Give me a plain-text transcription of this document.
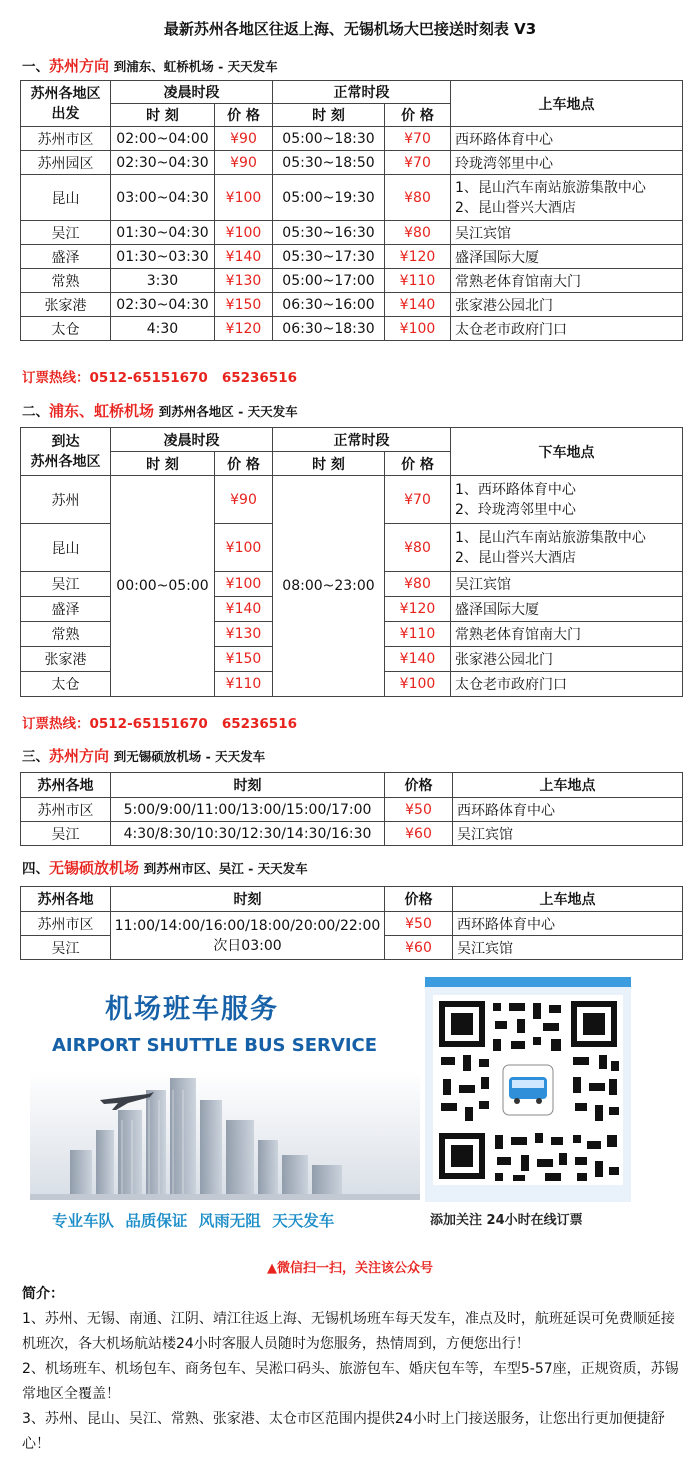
最新苏州各地区往返上海、无锡机场大巴接送时刻表 V3
一、苏州方向 到浦东、虹桥机场 - 天天发车
苏州各地区
出发	凌晨时段		正常时段		上车地点
	时 刻	价 格	时 刻	价 格	
苏州市区	02:00~04:00	¥90	05:00~18:30	¥70	西环路体育中心
苏州园区	02:30~04:30	¥90	05:30~18:50	¥70	玲珑湾邻里中心
昆山	03:00~04:30	¥100	05:00~19:30	¥80	1、昆山汽车南站旅游集散中心
2、昆山誉兴大酒店

吴江	01:30~04:30	¥100	05:30~16:30	¥80	吴江宾馆
盛泽	01:30~03:30	¥140	05:30~17:30	¥120	盛泽国际大厦
常熟	3:30	¥130	05:00~17:00	¥110	常熟老体育馆南大门
张家港	02:30~04:30	¥150	06:30~16:00	¥140	张家港公园北门
太仓	4:30	¥120	06:30~18:30	¥100	太仓老市政府门口
订票热线：0512-65151670 65236516
二、浦东、虹桥机场 到苏州各地区 - 天天发车
到达
苏州各地区	凌晨时段		正常时段		下车地点
	时 刻	价 格	时 刻	价 格	
苏州	00:00~05:00	¥90	08:00~23:00	¥70	1、西环路体育中心
2、玲珑湾邻里中心

昆山		¥100		¥80	1、昆山汽车南站旅游集散中心
2、昆山誉兴大酒店

吴江		¥100		¥80	吴江宾馆
盛泽		¥140		¥120	盛泽国际大厦
常熟		¥130		¥110	常熟老体育馆南大门
张家港		¥150		¥140	张家港公园北门
太仓		¥110		¥100	太仓老市政府门口
订票热线：0512-65151670 65236516
三、苏州方向 到无锡硕放机场 - 天天发车
苏州各地	时刻	价格	上车地点
苏州市区	5:00/9:00/11:00/13:00/15:00/17:00	¥50	西环路体育中心
吴江	4:30/8:30/10:30/12:30/14:30/16:30	¥60	吴江宾馆
四、无锡硕放机场 到苏州市区、吴江 - 天天发车
苏州各地	时刻	价格	上车地点
苏州市区	11:00/14:00/16:00/18:00/20:00/22:00
次日03:00	¥50	西环路体育中心
吴江		¥60	吴江宾馆
机场班车服务
AIRPORT SHUTTLE BUS SERVICE
专业车队 品质保证 风雨无阻 天天发车	添加关注 24小时在线订票
▲微信扫一扫，关注该公众号
简介：

1、苏州、无锡、南通、江阴、靖江往返上海、无锡机场班车每天发车，准点及时，航班延误可免费顺延接机班次，各大机场航站楼24小时客服人员随时为您服务，热情周到，方便您出行！

2、机场班车、机场包车、商务包车、吴淞口码头、旅游包车、婚庆包车等，车型5-57座，正规资质，苏锡常地区全覆盖！

3、苏州、昆山、吴江、常熟、张家港、太仓市区范围内提供24小时上门接送服务，让您出行更加便捷舒心！
